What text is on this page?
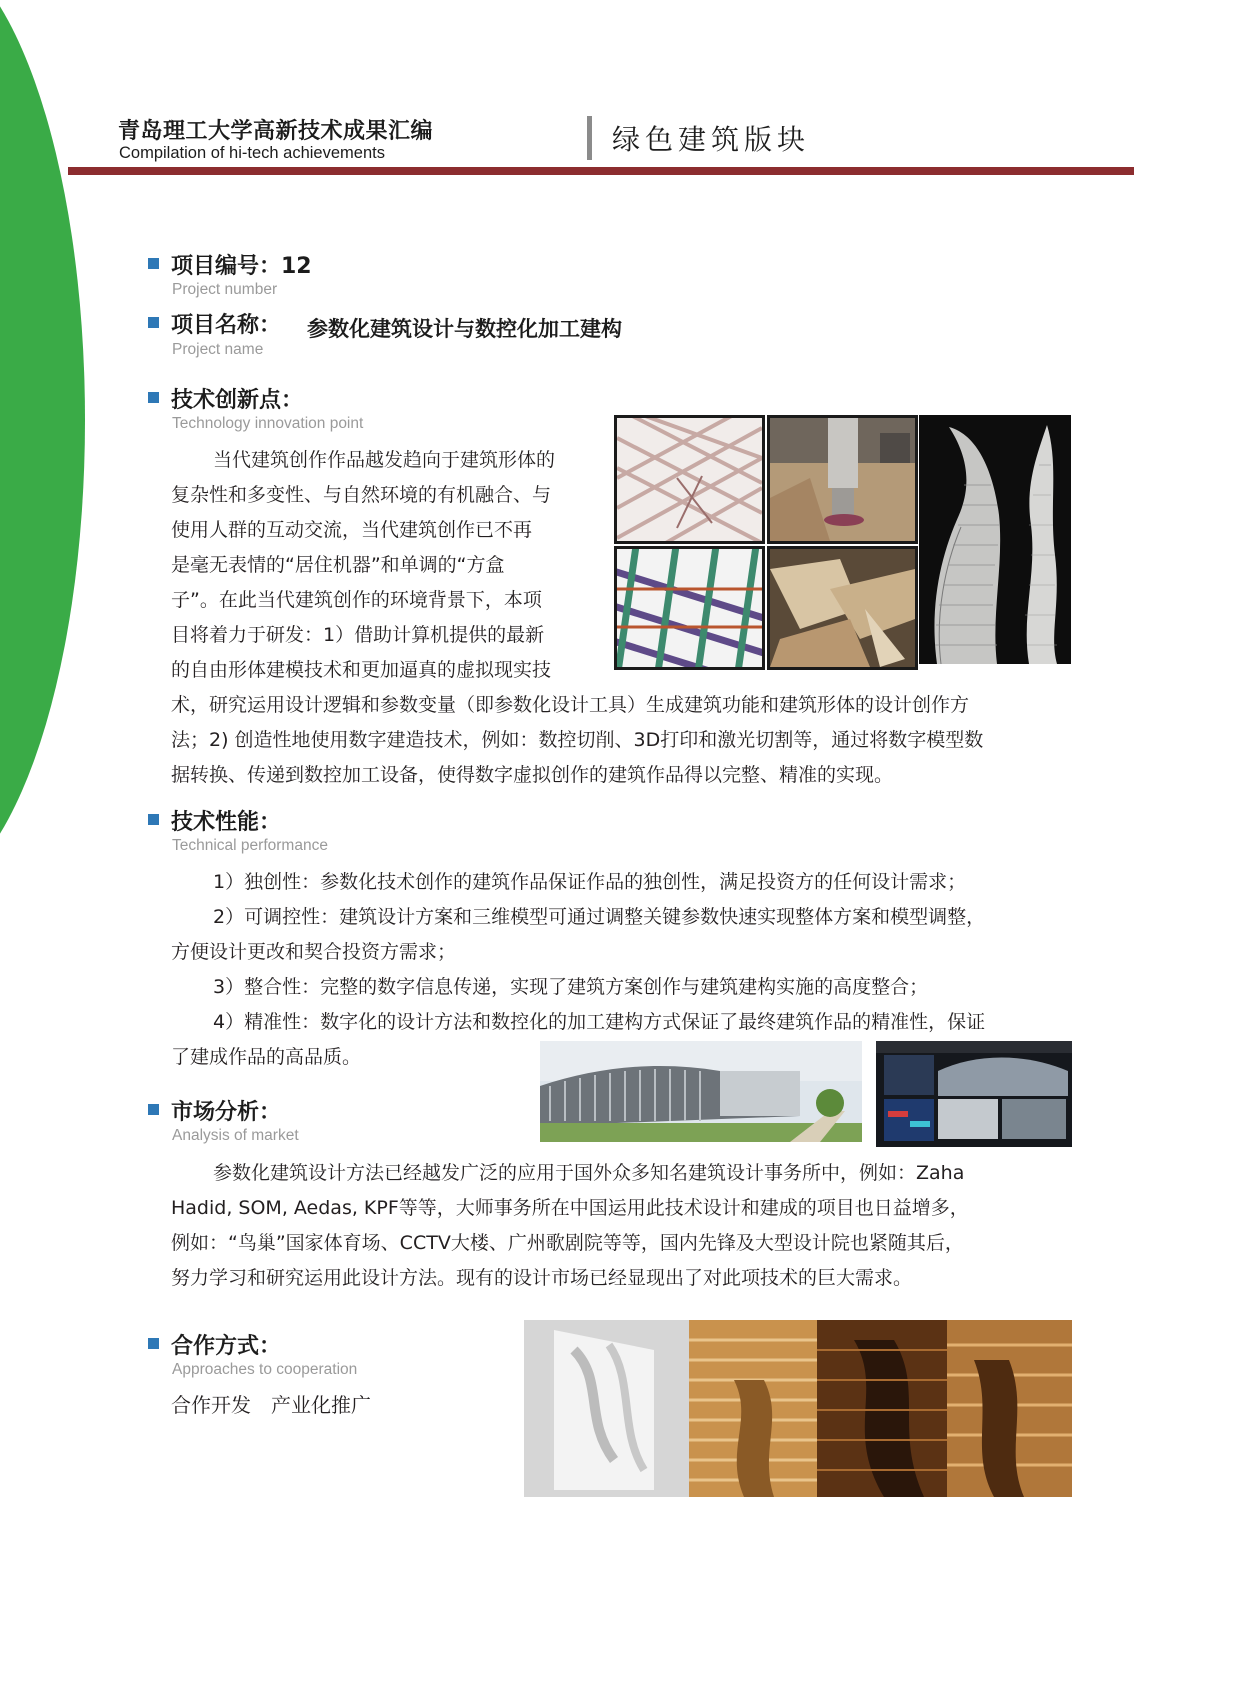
青岛理工大学高新技术成果汇编
Compilation of hi-tech achievements	绿色建筑版块
项目编号：12
Project number
项目名称： 参数化建筑设计与数控化加工建构
Project name
技术创新点：
Technology innovation point

当代建筑创作作品越发趋向于建筑形体的

复杂性和多变性、与自然环境的有机融合、与

使用人群的互动交流，当代建筑创作已不再

是毫无表情的“居住机器”和单调的“方盒

子”。在此当代建筑创作的环境背景下，本项

目将着力于研发：1）借助计算机提供的最新

的自由形体建模技术和更加逼真的虚拟现实技

术，研究运用设计逻辑和参数变量（即参数化设计工具）生成建筑功能和建筑形体的设计创作方

法；2) 创造性地使用数字建造技术，例如：数控切削、3D打印和激光切割等，通过将数字模型数

据转换、传递到数控加工设备，使得数字虚拟创作的建筑作品得以完整、精准的实现。

技术性能：
Technical performance

1）独创性：参数化技术创作的建筑作品保证作品的独创性，满足投资方的任何设计需求；

2）可调控性：建筑设计方案和三维模型可通过调整关键参数快速实现整体方案和模型调整，

方便设计更改和契合投资方需求；

3）整合性：完整的数字信息传递，实现了建筑方案创作与建筑建构实施的高度整合；

4）精准性：数字化的设计方法和数控化的加工建构方式保证了最终建筑作品的精准性，保证

了建成作品的高品质。

市场分析：
Analysis of market

参数化建筑设计方法已经越发广泛的应用于国外众多知名建筑设计事务所中，例如：Zaha

Hadid, SOM, Aedas, KPF等等，大师事务所在中国运用此技术设计和建成的项目也日益增多，

例如：“鸟巢”国家体育场、CCTV大楼、广州歌剧院等等，国内先锋及大型设计院也紧随其后，

努力学习和研究运用此设计方法。现有的设计市场已经显现出了对此项技术的巨大需求。

合作方式：
Approaches to cooperation

合作开发　产业化推广
